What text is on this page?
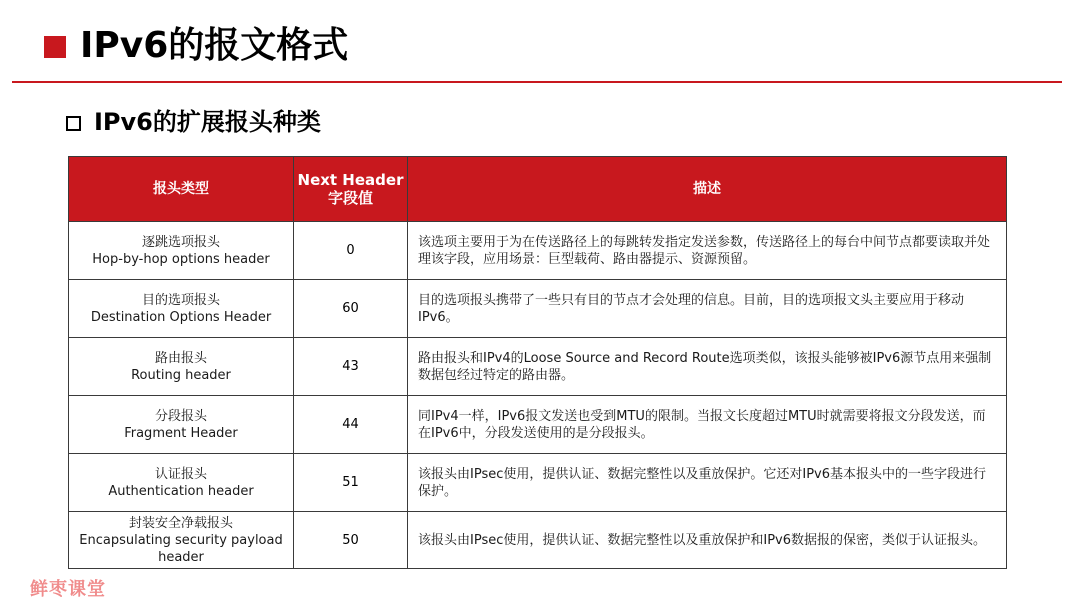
IPv6的报文格式
IPv6的扩展报头种类
报头类型	Next Header 字段值	描述

逐跳选项报头
Hop-by-hop options header	0	该选项主要用于为在传送路径上的每跳转发指定发送参数，传送路径上的每台中间节点都要读取并处理该字段，应用场景：巨型载荷、路由器提示、资源预留。

目的选项报头
Destination Options Header	60	目的选项报头携带了一些只有目的节点才会处理的信息。目前，目的选项报文头主要应用于移动IPv6。

路由报头
Routing header	43	路由报头和IPv4的Loose Source and Record Route选项类似，该报头能够被IPv6源节点用来强制数据包经过特定的路由器。

分段报头
Fragment Header	44	同IPv4一样，IPv6报文发送也受到MTU的限制。当报文长度超过MTU时就需要将报文分段发送，而在IPv6中，分段发送使用的是分段报头。

认证报头
Authentication header	51	该报头由IPsec使用，提供认证、数据完整性以及重放保护。它还对IPv6基本报头中的一些字段进行保护。

封装安全净载报头
Encapsulating security payload header	50	该报头由IPsec使用，提供认证、数据完整性以及重放保护和IPv6数据报的保密，类似于认证报头。
鲜枣课堂
